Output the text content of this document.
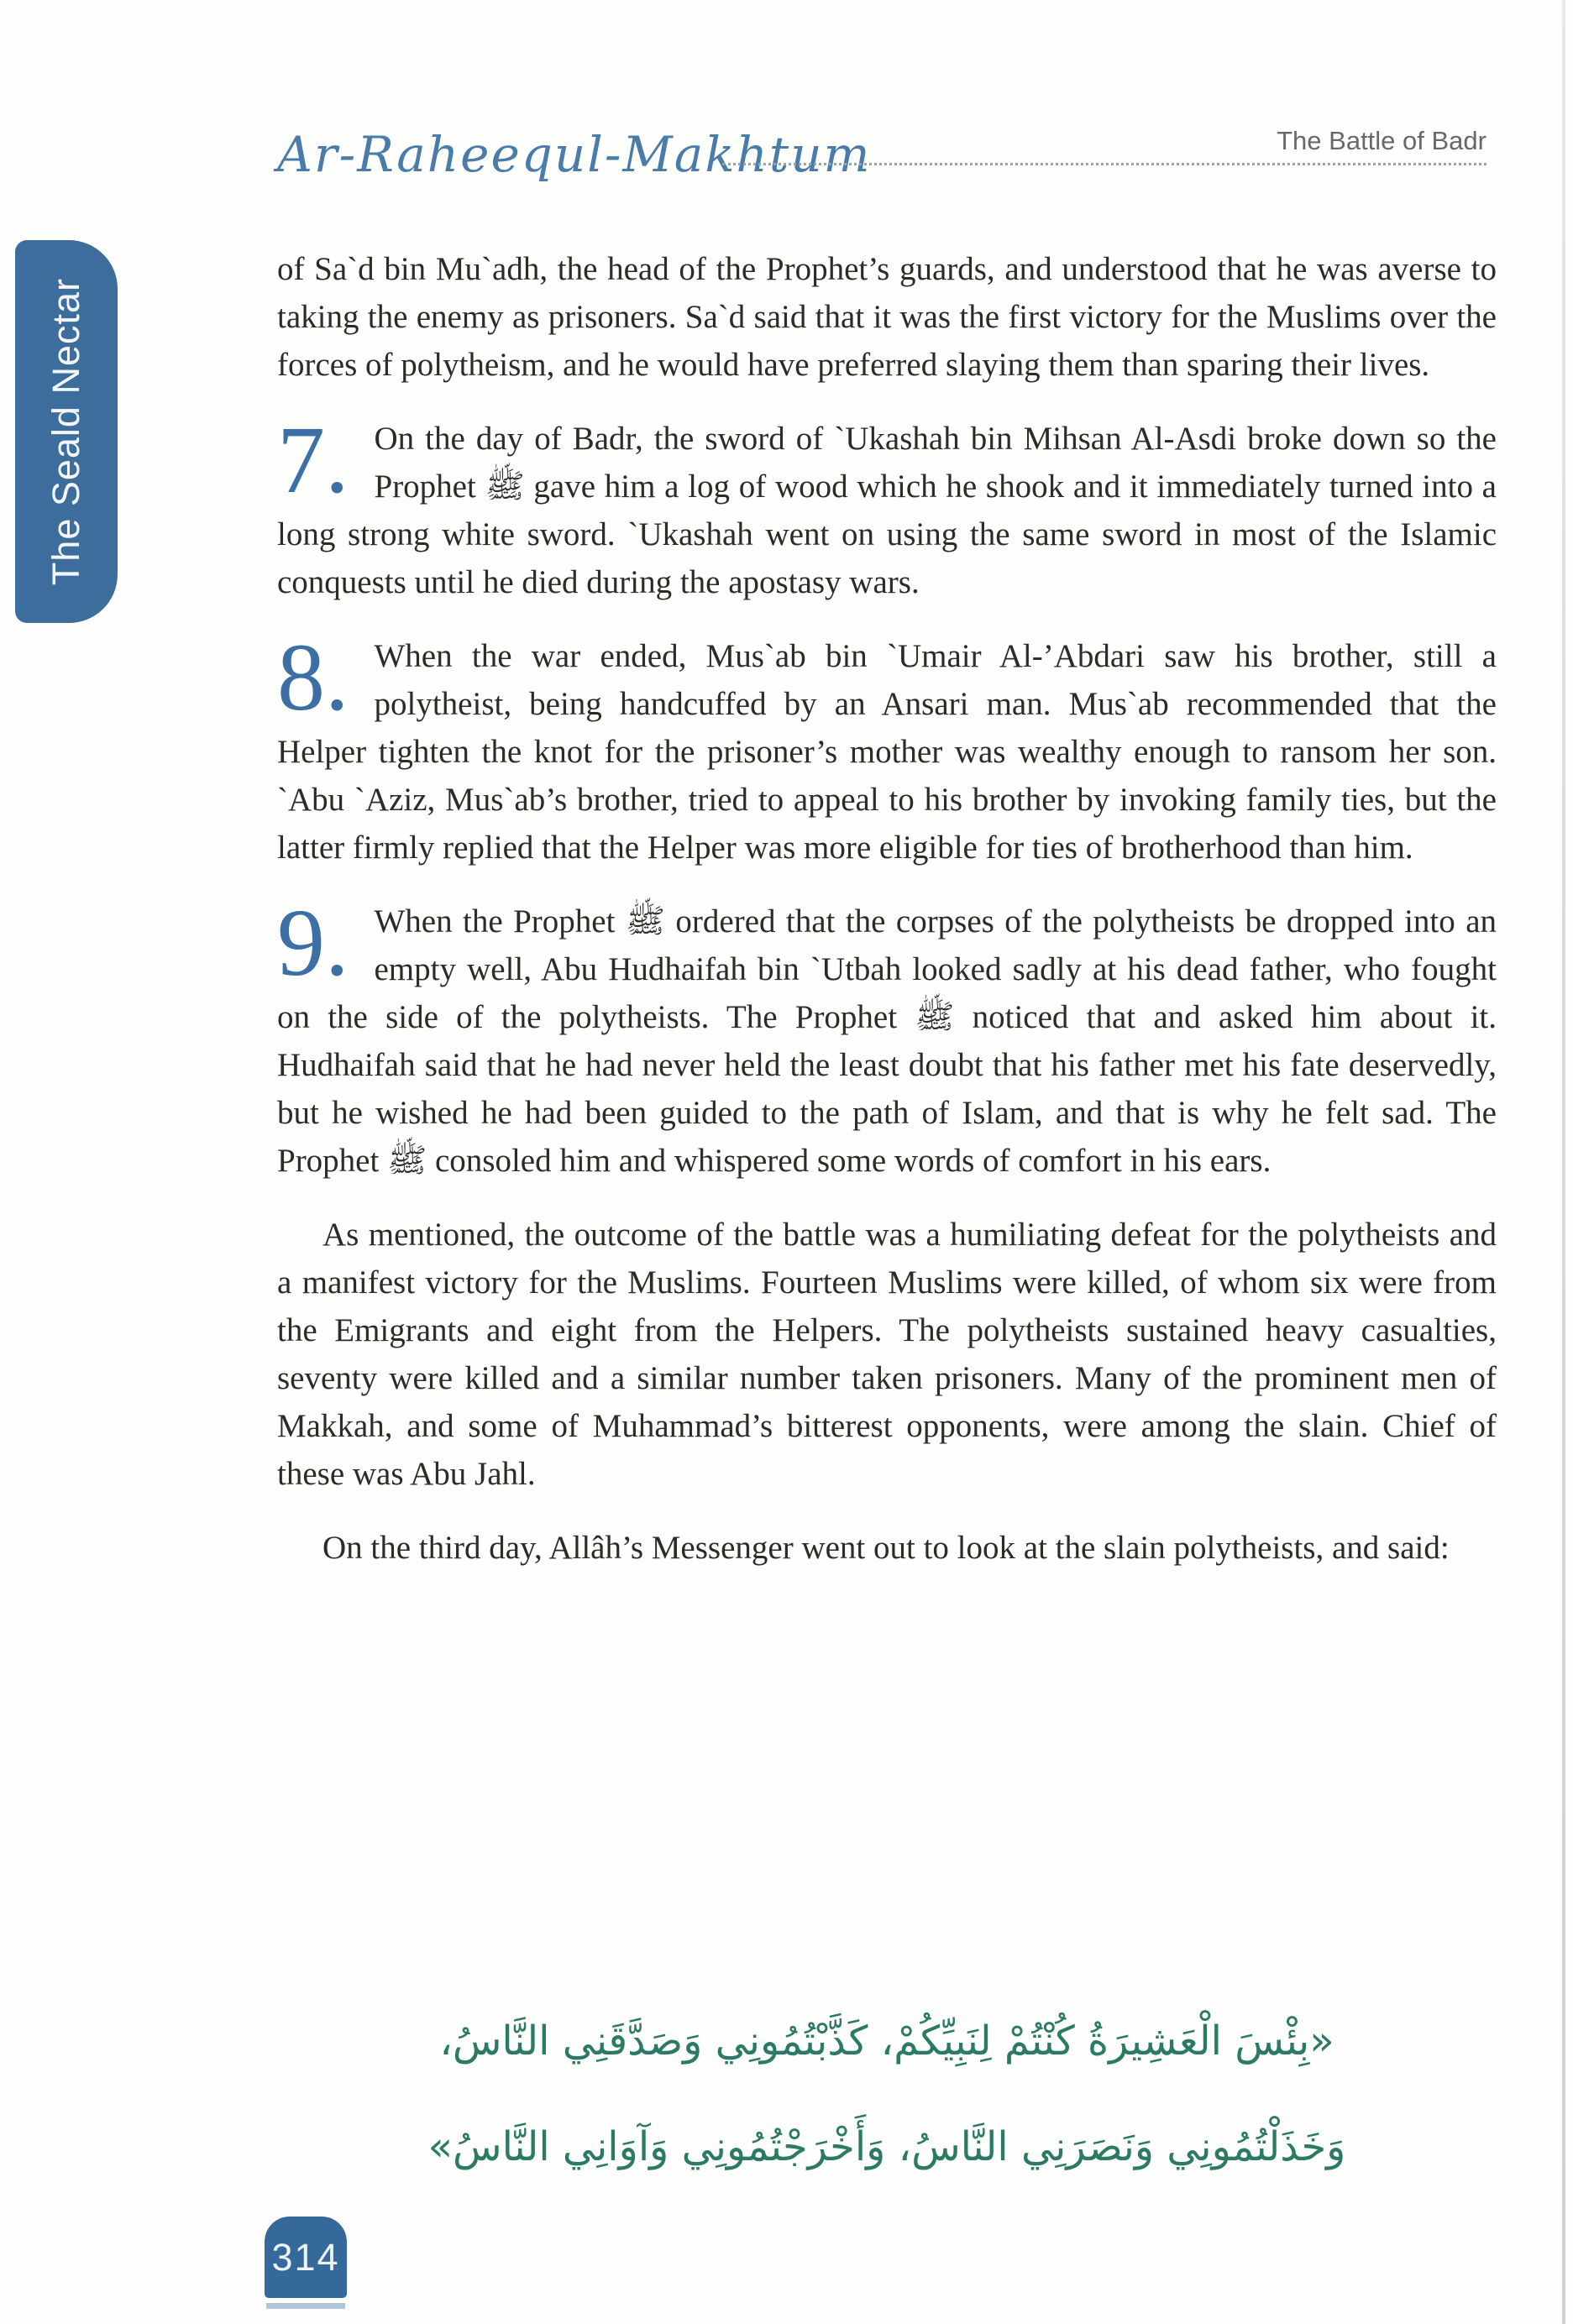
Ar-Raheequl-Makhtum	The Battle of Badr
The Seald Nectar

of Sa`d bin Mu`adh, the head of the Prophet’s guards, and understood that he was averse to taking the enemy as prisoners. Sa`d said that it was the first victory for the Muslims over the forces of polytheism, and he would have preferred slaying them than sparing their lives.

7. On the day of Badr, the sword of `Ukashah bin Mihsan Al-Asdi broke down so the Prophet ﷺ gave him a log of wood which he shook and it immediately turned into a long strong white sword. `Ukashah went on using the same sword in most of the Islamic conquests until he died during the apostasy wars.

8. When the war ended, Mus`ab bin `Umair Al-’Abdari saw his brother, still a polytheist, being handcuffed by an Ansari man. Mus`ab recommended that the Helper tighten the knot for the prisoner’s mother was wealthy enough to ransom her son. `Abu `Aziz, Mus`ab’s brother, tried to appeal to his brother by invoking family ties, but the latter firmly replied that the Helper was more eligible for ties of brotherhood than him.

9. When the Prophet ﷺ ordered that the corpses of the polytheists be dropped into an empty well, Abu Hudhaifah bin `Utbah looked sadly at his dead father, who fought on the side of the polytheists. The Prophet ﷺ noticed that and asked him about it. Hudhaifah said that he had never held the least doubt that his father met his fate deservedly, but he wished he had been guided to the path of Islam, and that is why he felt sad. The Prophet ﷺ consoled him and whispered some words of comfort in his ears.

As mentioned, the outcome of the battle was a humiliating defeat for the polytheists and a manifest victory for the Muslims. Fourteen Muslims were killed, of whom six were from the Emigrants and eight from the Helpers. The polytheists sustained heavy casualties, seventy were killed and a similar number taken prisoners. Many of the prominent men of Makkah, and some of Muhammad’s bitterest opponents, were among the slain. Chief of these was Abu Jahl.

On the third day, Allâh’s Messenger went out to look at the slain polytheists, and said:

«بِئْسَ الْعَشِيرَةُ كُنْتُمْ لِنَبِيِّكُمْ، كَذَّبْتُمُونِي وَصَدَّقَنِي النَّاسُ،
وَخَذَلْتُمُونِي وَنَصَرَنِي النَّاسُ، وَأَخْرَجْتُمُونِي وَآوَانِي النَّاسُ»
314
